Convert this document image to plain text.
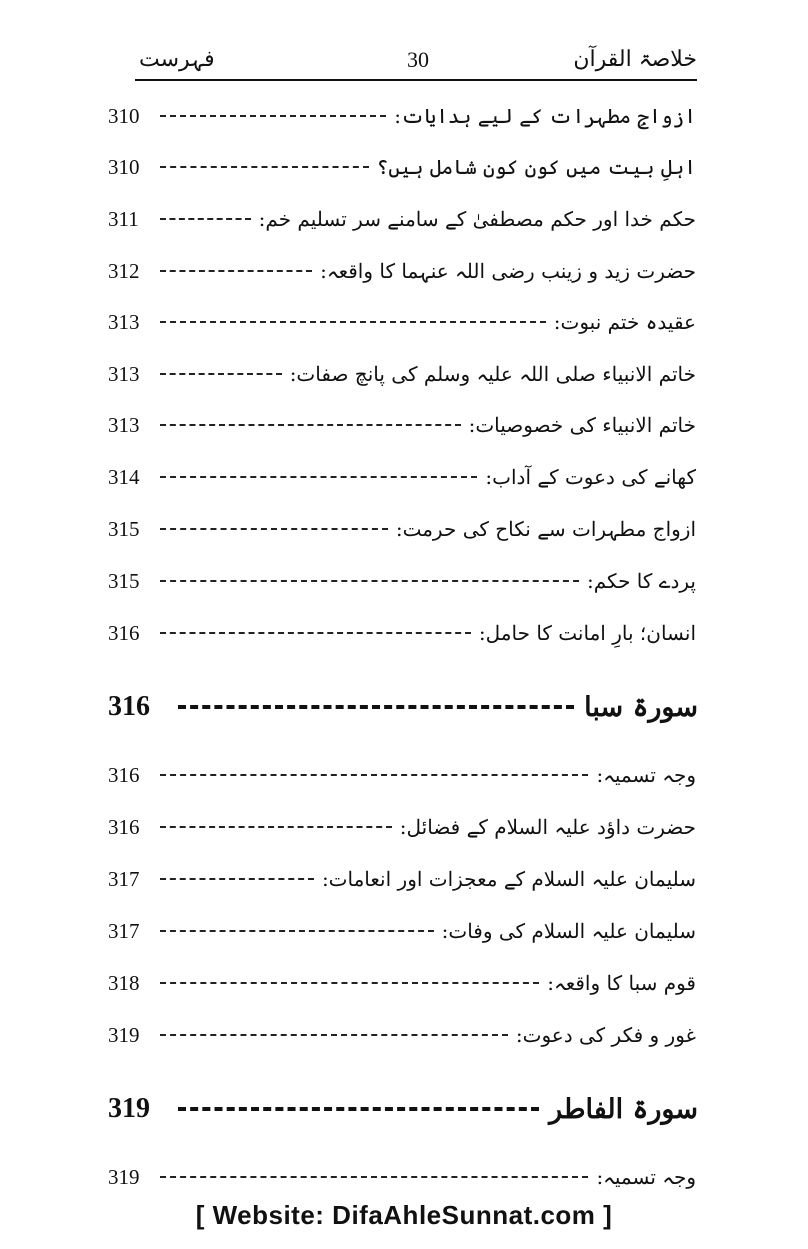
خلاصۃ القرآن
30
فہرست
310	ازواجِ مطہرات کے لیے ہدایات:
310	اہلِ بیت میں کون کون شامل ہیں؟
311	حکم خدا اور حکم مصطفیٰ کے سامنے سر تسلیم خم:
312	حضرت زید و زینب رضی اللہ عنہما کا واقعہ:
313	عقیدہ ختم نبوت:
313	خاتم الانبیاء صلی اللہ علیہ وسلم کی پانچ صفات:
313	خاتم الانبیاء کی خصوصیات:
314	کھانے کی دعوت کے آداب:
315	ازواج مطہرات سے نکاح کی حرمت:
315	پردے کا حکم:
316	انسان؛ بارِ امانت کا حامل:
316	سورۃ سبا
316	وجہ تسمیہ:
316	حضرت داؤد علیہ السلام کے فضائل:
317	سلیمان علیہ السلام کے معجزات اور انعامات:
317	سلیمان علیہ السلام کی وفات:
318	قوم سبا کا واقعہ:
319	غور و فکر کی دعوت:
319	سورۃ الفاطر
319	وجہ تسمیہ:
[ Website: DifaAhleSunnat.com ]
